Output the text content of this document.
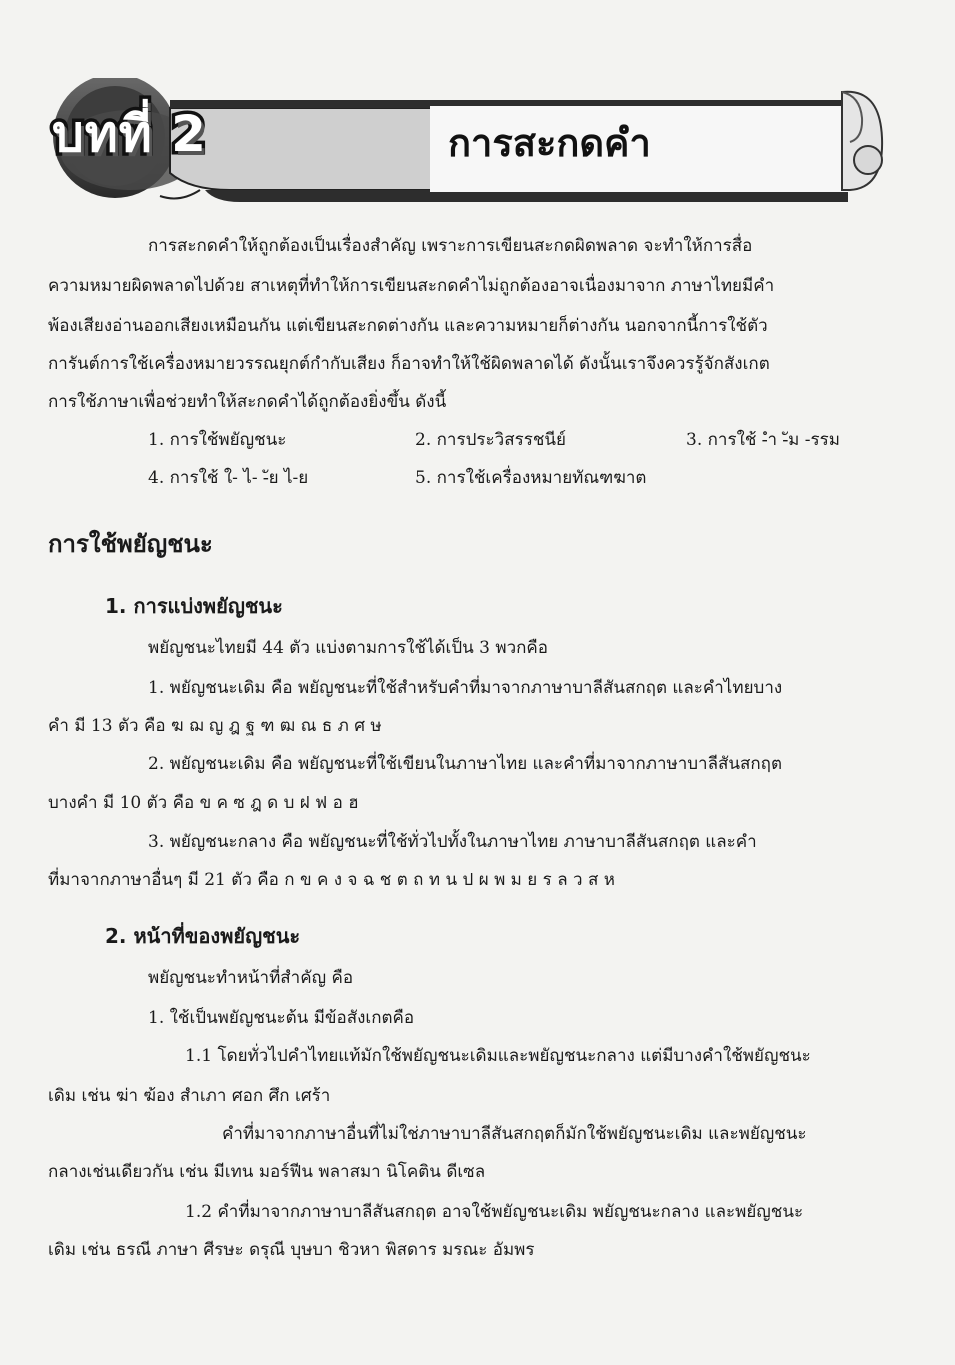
บทที่ 2	การสะกดคำ
การสะกดคำให้ถูกต้องเป็นเรื่องสำคัญ เพราะการเขียนสะกดผิดพลาด จะทำให้การสื่อ
ความหมายผิดพลาดไปด้วย สาเหตุที่ทำให้การเขียนสะกดคำไม่ถูกต้องอาจเนื่องมาจาก ภาษาไทยมีคำ
พ้องเสียงอ่านออกเสียงเหมือนกัน แต่เขียนสะกดต่างกัน และความหมายก็ต่างกัน นอกจากนี้การใช้ตัว
การันต์การใช้เครื่องหมายวรรณยุกต์กำกับเสียง ก็อาจทำให้ใช้ผิดพลาดได้ ดังนั้นเราจึงควรรู้จักสังเกต
การใช้ภาษาเพื่อช่วยทำให้สะกดคำได้ถูกต้องยิ่งขึ้น ดังนี้
1. การใช้พยัญชนะ	2. การประวิสรรชนีย์	3. การใช้ -ำ -ัม -รรม
4. การใช้ ใ- ไ- -ัย ไ-ย	5. การใช้เครื่องหมายทัณฑฆาต
การใช้พยัญชนะ
1. การแบ่งพยัญชนะ
พยัญชนะไทยมี 44 ตัว แบ่งตามการใช้ได้เป็น 3 พวกคือ
1. พยัญชนะเดิม คือ พยัญชนะที่ใช้สำหรับคำที่มาจากภาษาบาลีสันสกฤต และคำไทยบาง
คำ มี 13 ตัว คือ ฆ ฌ ญ ฎ ฐ ฑ ฒ ณ ธ ภ ศ ษ
2. พยัญชนะเดิม คือ พยัญชนะที่ใช้เขียนในภาษาไทย และคำที่มาจากภาษาบาลีสันสกฤต
บางคำ มี 10 ตัว คือ ข ค ซ ฎ ด บ ฝ ฟ อ ฮ
3. พยัญชนะกลาง คือ พยัญชนะที่ใช้ทั่วไปทั้งในภาษาไทย ภาษาบาลีสันสกฤต และคำ
ที่มาจากภาษาอื่นๆ มี 21 ตัว คือ ก ข ค ง จ ฉ ช ต ถ ท น ป ผ พ ม ย ร ล ว ส ห
2. หน้าที่ของพยัญชนะ
พยัญชนะทำหน้าที่สำคัญ คือ
1. ใช้เป็นพยัญชนะต้น มีข้อสังเกตคือ
1.1 โดยทั่วไปคำไทยแท้มักใช้พยัญชนะเดิมและพยัญชนะกลาง แต่มีบางคำใช้พยัญชนะ
เดิม เช่น ฆ่า ฆ้อง สำเภา ศอก ศึก เศร้า
คำที่มาจากภาษาอื่นที่ไม่ใช่ภาษาบาลีสันสกฤตก็มักใช้พยัญชนะเดิม และพยัญชนะ
กลางเช่นเดียวกัน เช่น มีเทน มอร์ฟีน พลาสมา นิโคติน ดีเซล
1.2 คำที่มาจากภาษาบาลีสันสกฤต อาจใช้พยัญชนะเดิม พยัญชนะกลาง และพยัญชนะ
เดิม เช่น ธรณี ภาษา ศีรษะ ดรุณี บุษบา ชิวหา พิสดาร มรณะ อัมพร
